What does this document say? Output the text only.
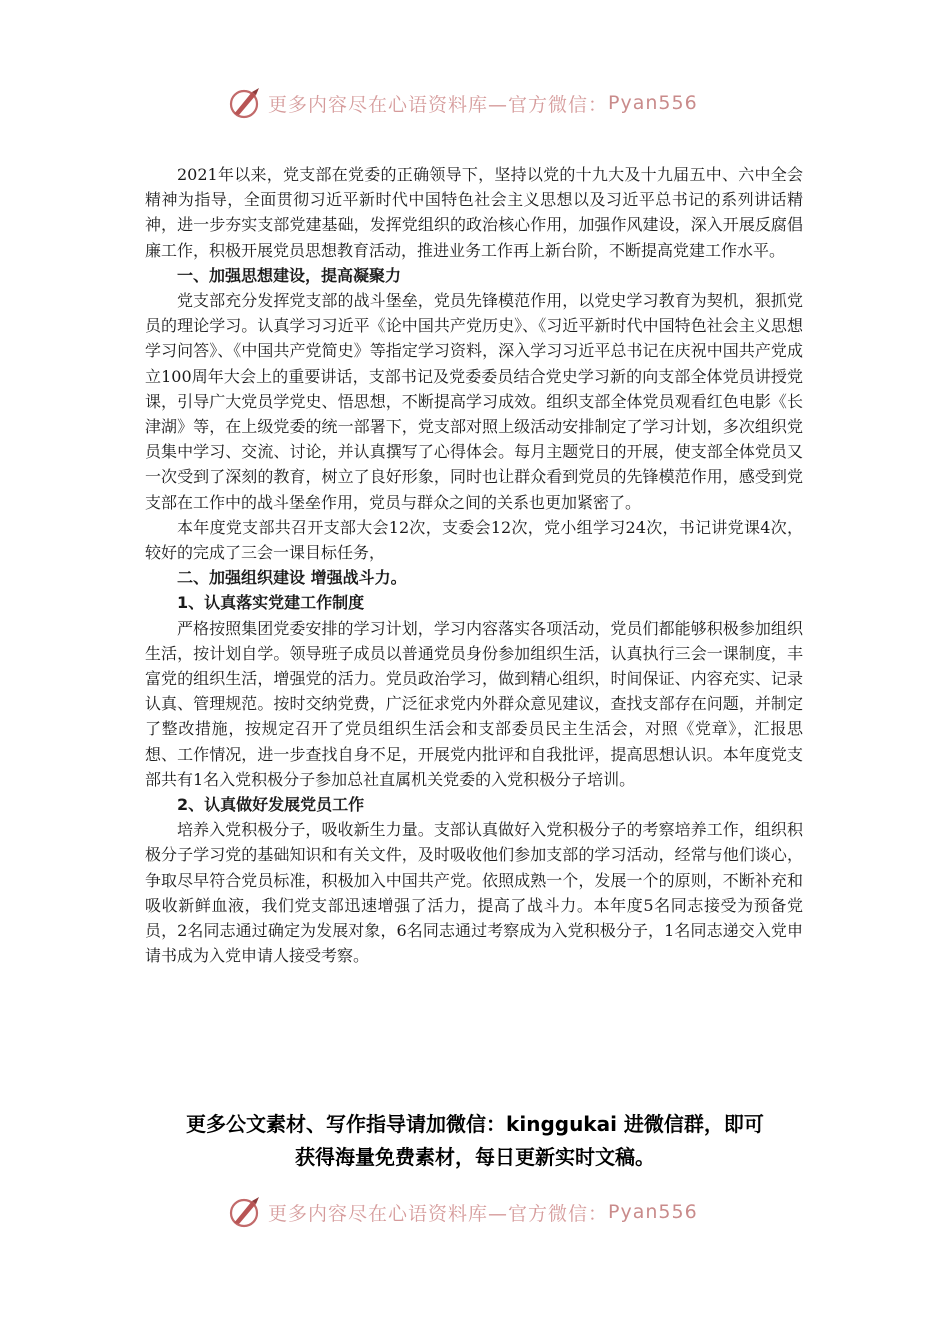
更多内容尽在心语资料库—官方微信： Pyan556

2021年以来，党支部在党委的正确领导下，坚持以党的十九大及十九届五中、六中全会精神为指导，全面贯彻习近平新时代中国特色社会主义思想以及习近平总书记的系列讲话精神，进一步夯实支部党建基础，发挥党组织的政治核心作用，加强作风建设，深入开展反腐倡廉工作，积极开展党员思想教育活动，推进业务工作再上新台阶，不断提高党建工作水平。

一、加强思想建设，提高凝聚力

党支部充分发挥党支部的战斗堡垒，党员先锋模范作用，以党史学习教育为契机，狠抓党员的理论学习。认真学习习近平《论中国共产党历史》、《习近平新时代中国特色社会主义思想学习问答》、《中国共产党简史》等指定学习资料，深入学习习近平总书记在庆祝中国共产党成立100周年大会上的重要讲话，支部书记及党委委员结合党史学习新的向支部全体党员讲授党课，引导广大党员学党史、悟思想，不断提高学习成效。组织支部全体党员观看红色电影《长津湖》等，在上级党委的统一部署下，党支部对照上级活动安排制定了学习计划，多次组织党员集中学习、交流、讨论，并认真撰写了心得体会。每月主题党日的开展，使支部全体党员又一次受到了深刻的教育，树立了良好形象，同时也让群众看到党员的先锋模范作用，感受到党支部在工作中的战斗堡垒作用，党员与群众之间的关系也更加紧密了。

本年度党支部共召开支部大会12次，支委会12次，党小组学习24次，书记讲党课4次，较好的完成了三会一课目标任务，

二、加强组织建设 增强战斗力。

1、认真落实党建工作制度

严格按照集团党委安排的学习计划，学习内容落实各项活动，党员们都能够积极参加组织生活，按计划自学。领导班子成员以普通党员身份参加组织生活，认真执行三会一课制度，丰富党的组织生活，增强党的活力。党员政治学习，做到精心组织，时间保证、内容充实、记录认真、管理规范。按时交纳党费，广泛征求党内外群众意见建议，查找支部存在问题，并制定了整改措施，按规定召开了党员组织生活会和支部委员民主生活会，对照《党章》，汇报思想、工作情况，进一步查找自身不足，开展党内批评和自我批评，提高思想认识。本年度党支部共有1名入党积极分子参加总社直属机关党委的入党积极分子培训。

2、认真做好发展党员工作

培养入党积极分子，吸收新生力量。支部认真做好入党积极分子的考察培养工作，组织积极分子学习党的基础知识和有关文件，及时吸收他们参加支部的学习活动，经常与他们谈心，争取尽早符合党员标准，积极加入中国共产党。依照成熟一个，发展一个的原则，不断补充和吸收新鲜血液，我们党支部迅速增强了活力，提高了战斗力。本年度5名同志接受为预备党员，2名同志通过确定为发展对象，6名同志通过考察成为入党积极分子，1名同志递交入党申请书成为入党申请人接受考察。

更多公文素材、写作指导请加微信：kinggukai 进微信群，即可
获得海量免费素材，每日更新实时文稿。
更多内容尽在心语资料库—官方微信： Pyan556
